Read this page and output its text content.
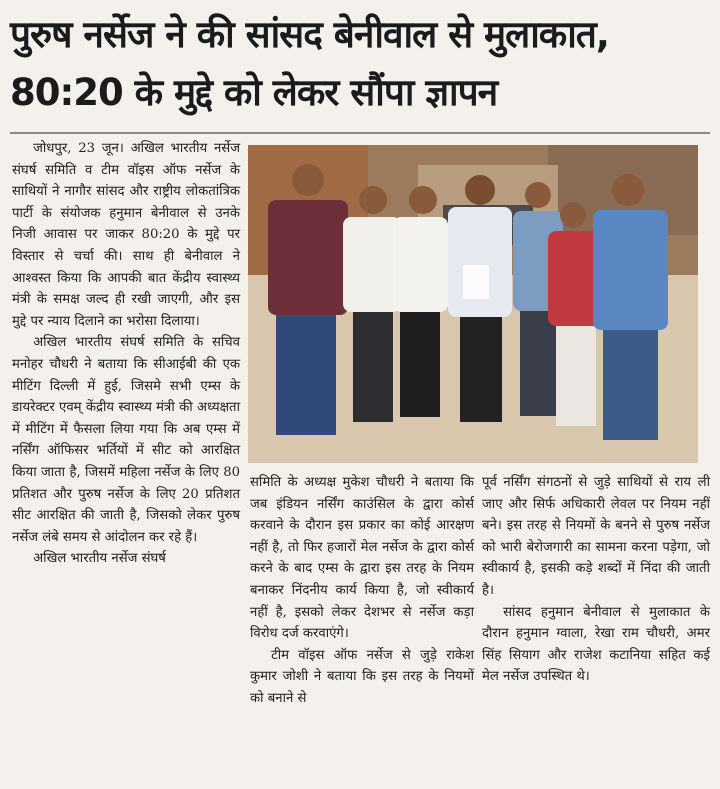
पुरुष नर्सेज ने की सांसद बेनीवाल से मुलाकात,
80:20 के मुद्दे को लेकर सौंपा ज्ञापन

जोधपुर, 23 जून। अखिल भारतीय नर्सेज संघर्ष समिति व टीम वॉइस ऑफ नर्सेज के साथियों ने नागौर सांसद और राष्ट्रीय लोकतांत्रिक पार्टी के संयोजक हनुमान बेनीवाल से उनके निजी आवास पर जाकर 80:20 के मुद्दे पर विस्तार से चर्चा की। साथ ही बेनीवाल ने आश्वस्त किया कि आपकी बात केंद्रीय स्वास्थ्य मंत्री के समक्ष जल्द ही रखी जाएगी, और इस मुद्दे पर न्याय दिलाने का भरोसा दिलाया।

अखिल भारतीय संघर्ष समिति के सचिव मनोहर चौधरी ने बताया कि सीआईबी की एक मीटिंग दिल्ली में हुई, जिसमे सभी एम्स के डायरेक्टर एवम् केंद्रीय स्वास्थ्य मंत्री की अध्यक्षता में मीटिंग में फैसला लिया गया कि अब एम्स में नर्सिंग ऑफिसर भर्तियों में सीट को आरक्षित किया जाता है, जिसमें महिला नर्सेज के लिए 80 प्रतिशत और पुरुष नर्सेज के लिए 20 प्रतिशत सीट आरक्षित की जाती है, जिसको लेकर पुरुष नर्सेज लंबे समय से आंदोलन कर रहे हैं।

अखिल भारतीय नर्सेज संघर्ष

समिति के अध्यक्ष मुकेश चौधरी ने बताया कि जब इंडियन नर्सिंग काउंसिल के द्वारा कोर्स करवाने के दौरान इस प्रकार का कोई आरक्षण नहीं है, तो फिर हजारों मेल नर्सेज के द्वारा कोर्स करने के बाद एम्स के द्वारा इस तरह के नियम बनाकर निंदनीय कार्य किया है, जो स्वीकार्य नहीं है, इसको लेकर देशभर से नर्सेज कड़ा विरोध दर्ज करवाएंगे।

टीम वॉइस ऑफ नर्सेज से जुड़े राकेश कुमार जोशी ने बताया कि इस तरह के नियमों को बनाने से

पूर्व नर्सिंग संगठनों से जुड़े साथियों से राय ली जाए और सिर्फ अधिकारी लेवल पर नियम नहीं बने। इस तरह से नियमों के बनने से पुरुष नर्सेज को भारी बेरोजगारी का सामना करना पड़ेगा, जो स्वीकार्य है, इसकी कड़े शब्दों में निंदा की जाती है।

सांसद हनुमान बेनीवाल से मुलाकात के दौरान हनुमान ग्वाला, रेखा राम चौधरी, अमर सिंह सियाग और राजेश कटानिया सहित कई मेल नर्सेज उपस्थित थे।
